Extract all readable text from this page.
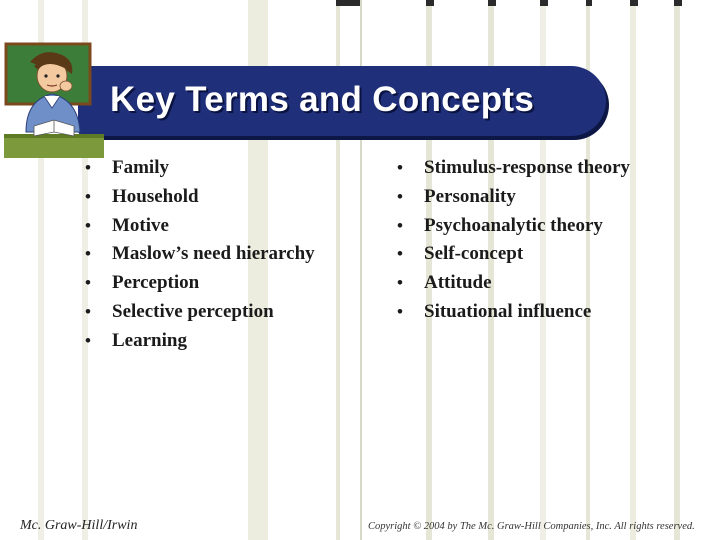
Key Terms and Concepts
• Family
• Household
• Motive
• Maslow’s need hierarchy
• Perception
• Selective perception
• Learning
• Stimulus-response theory
• Personality
• Psychoanalytic theory
• Self-concept
• Attitude
• Situational influence
Mc. Graw-Hill/Irwin	Copyright © 2004 by The Mc. Graw-Hill Companies, Inc. All rights reserved.
